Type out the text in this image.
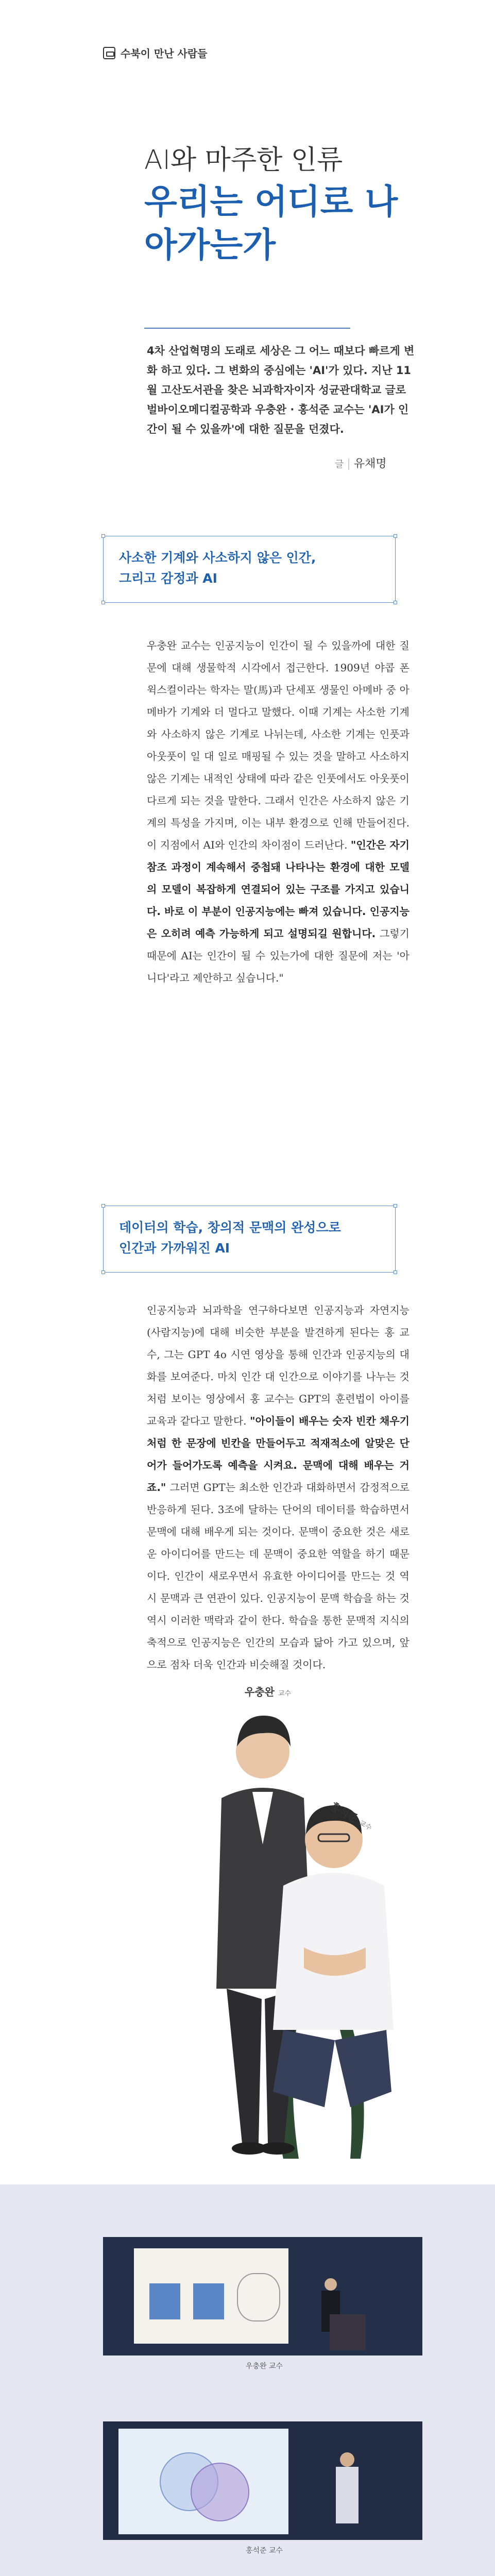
수북이 만난 사람들
AI와 마주한 인류
우리는 어디로 나아가는가
4차 산업혁명의 도래로 세상은 그 어느 때보다 빠르게 변화 하고 있다. 그 변화의 중심에는 'AI'가 있다. 지난 11월 고산도서관을 찾은 뇌과학자이자 성균관대학교 글로벌바이오메디컬공학과 우충완 · 홍석준 교수는 'AI가 인간이 될 수 있을까'에 대한 질문을 던졌다.
글 | 유채명
사소한 기계와 사소하지 않은 인간,
그리고 감정과 AI
우충완 교수는 인공지능이 인간이 될 수 있을까에 대한 질문에 대해 생물학적 시각에서 접근한다. 1909년 야콥 폰 윅스컬이라는 학자는 말(馬)과 단세포 생물인 아메바 중 아메바가 기계와 더 멀다고 말했다. 이때 기계는 사소한 기계와 사소하지 않은 기계로 나뉘는데, 사소한 기계는 인풋과 아웃풋이 일 대 일로 매핑될 수 있는 것을 말하고 사소하지 않은 기계는 내적인 상태에 따라 같은 인풋에서도 아웃풋이 다르게 되는 것을 말한다. 그래서 인간은 사소하지 않은 기계의 특성을 가지며, 이는 내부 환경으로 인해 만들어진다. 이 지점에서 AI와 인간의 차이점이 드러난다. "인간은 자기 참조 과정이 계속해서 중첩돼 나타나는 환경에 대한 모델의 모델이 복잡하게 연결되어 있는 구조를 가지고 있습니다. 바로 이 부분이 인공지능에는 빠져 있습니다. 인공지능은 오히려 예측 가능하게 되고 설명되길 원합니다. 그렇기 때문에 AI는 인간이 될 수 있는가에 대한 질문에 저는 '아니다'라고 제안하고 싶습니다."
데이터의 학습, 창의적 문맥의 완성으로
인간과 가까워진 AI
인공지능과 뇌과학을 연구하다보면 인공지능과 자연지능(사람지능)에 대해 비슷한 부분을 발견하게 된다는 홍 교수, 그는 GPT 4o 시연 영상을 통해 인간과 인공지능의 대화를 보여준다. 마치 인간 대 인간으로 이야기를 나누는 것처럼 보이는 영상에서 홍 교수는 GPT의 훈련법이 아이를 교육과 같다고 말한다. "아이들이 배우는 숫자 빈칸 채우기처럼 한 문장에 빈칸을 만들어두고 적재적소에 알맞은 단어가 들어가도록 예측을 시켜요. 문맥에 대해 배우는 거죠." 그러면 GPT는 최소한 인간과 대화하면서 감정적으로 반응하게 된다. 3조에 달하는 단어의 데이터를 학습하면서 문맥에 대해 배우게 되는 것이다. 문맥이 중요한 것은 새로운 아이디어를 만드는 데 문맥이 중요한 역할을 하기 때문이다. 인간이 새로우면서 유효한 아이디어를 만드는 것 역시 문맥과 큰 연관이 있다. 인공지능이 문맥 학습을 하는 것 역시 이러한 맥락과 같이 한다. 학습을 통한 문맥적 지식의 축적으로 인공지능은 인간의 모습과 닮아 가고 있으며, 앞으로 점차 더욱 인간과 비슷해질 것이다.
우충완 교수
홍석준 교수
우충완 교수
홍석준 교수
